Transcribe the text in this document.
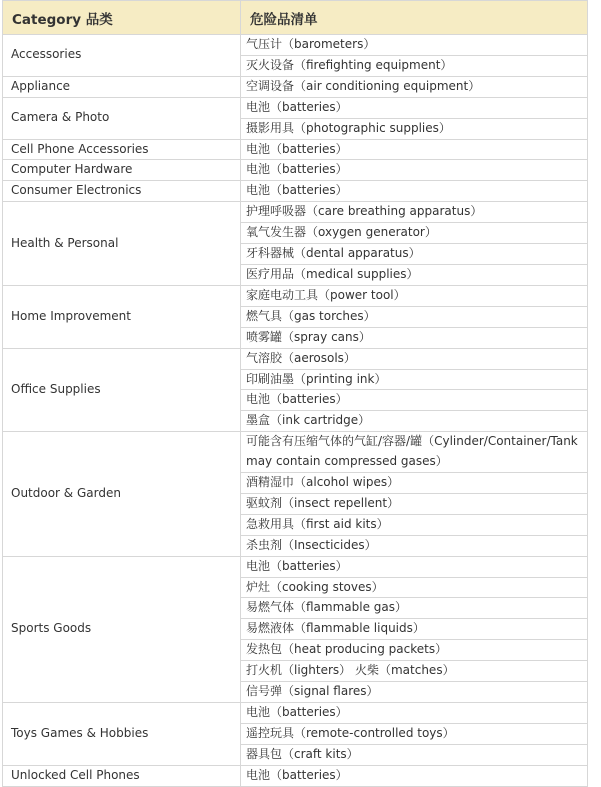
Category 品类	危险品清单
Accessories	气压计（barometers）
	灭火设备（firefighting equipment）
Appliance	空调设备（air conditioning equipment）
Camera & Photo	电池（batteries）
	摄影用具（photographic supplies）
Cell Phone Accessories	电池（batteries）
Computer Hardware	电池（batteries）
Consumer Electronics	电池（batteries）
Health & Personal	护理呼吸器（care breathing apparatus）
	氧气发生器（oxygen generator）
	牙科器械（dental apparatus）
	医疗用品（medical supplies）
Home Improvement	家庭电动工具（power tool）
	燃气具（gas torches）
	喷雾罐（spray cans）
Office Supplies	气溶胶（aerosols）
	印刷油墨（printing ink）
	电池（batteries）
	墨盒（ink cartridge）
Outdoor & Garden	可能含有压缩气体的气缸/容器/罐（Cylinder/Container/Tank may contain compressed gases）
	酒精湿巾（alcohol wipes）
	驱蚊剂（insect repellent）
	急救用具（first aid kits）
	杀虫剂（Insecticides）
Sports Goods	电池（batteries）
	炉灶（cooking stoves）
	易燃气体（flammable gas）
	易燃液体（flammable liquids）
	发热包（heat producing packets）
	打火机（lighters） 火柴（matches）
	信号弹（signal flares）
Toys Games & Hobbies	电池（batteries）
	遥控玩具（remote-controlled toys）
	器具包（craft kits）
Unlocked Cell Phones	电池（batteries）
